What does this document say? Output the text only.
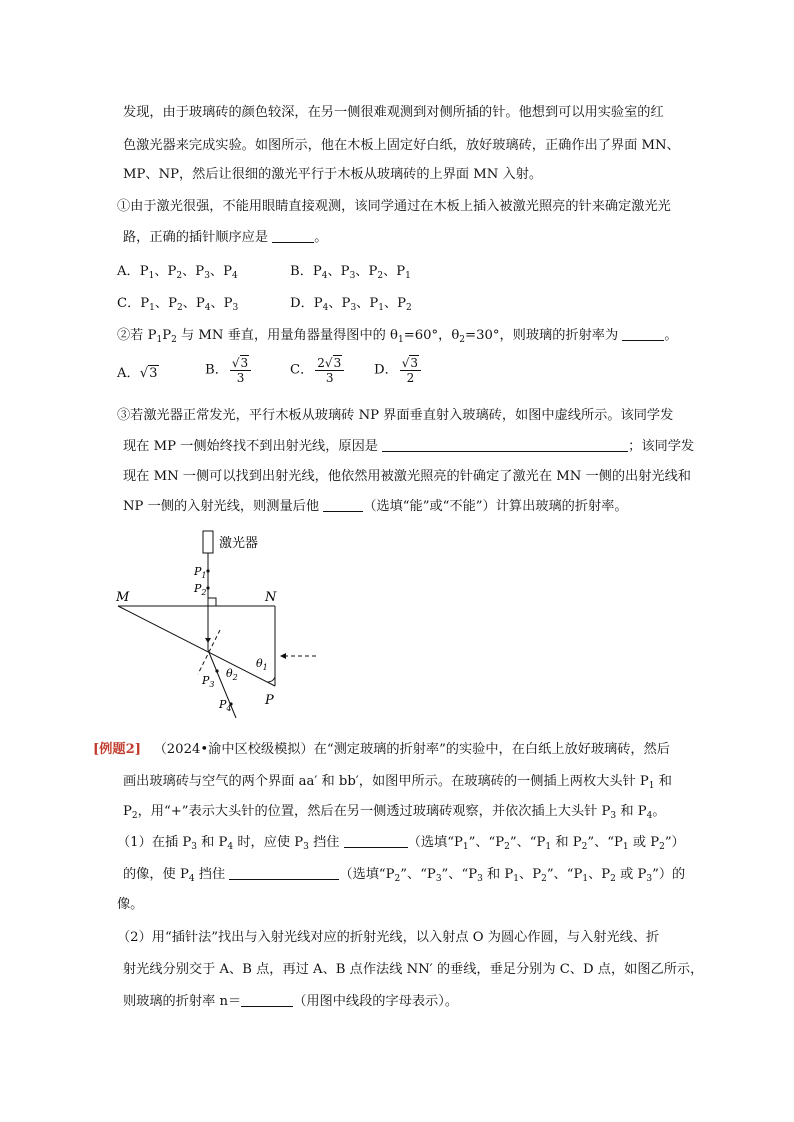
发现，由于玻璃砖的颜色较深，在另一侧很难观测到对侧所插的针。他想到可以用实验室的红
色激光器来完成实验。如图所示，他在木板上固定好白纸，放好玻璃砖，正确作出了界面 MN、
MP、NP，然后让很细的激光平行于木板从玻璃砖的上界面 MN 入射。
①由于激光很强，不能用眼睛直接观测，该同学通过在木板上插入被激光照亮的针来确定激光光
路，正确的插针顺序应是	。
A．$P_1$、$P_2$、$P_3$、$P_4$	B．$P_4$、$P_3$、$P_2$、$P_1$
C．$P_1$、$P_2$、$P_4$、$P_3$	D．$P_4$、$P_3$、$P_1$、$P_2$
②若 $P_1P_2$ 与 MN 垂直，用量角器量得图中的 $\theta_1=60^\circ$，$\theta_2=30^\circ$，则玻璃的折射率为	。
A．√3	B． $\frac{√3}{3}$	C． $\frac{2√3}{3}$ D． $\frac{√3}{2}$
③若激光器正常发光，平行木板从玻璃砖 NP 界面垂直射入玻璃砖，如图中虚线所示。该同学发
现在 MP 一侧始终找不到出射光线，原因是	；该同学发
现在 MN 一侧可以找到出射光线，他依然用被激光照亮的针确定了激光在 MN 一侧的出射光线和
NP 一侧的入射光线，则测量后他	（选填“能”或“不能”）计算出玻璃的折射率。
激光器
$P_1$
$P_2$
M	N
P
$P_3$
$P_4$
$\theta_2$
$\theta_1$
[例题2] （2024•渝中区校级模拟）在“测定玻璃的折射率”的实验中，在白纸上放好玻璃砖，然后
画出玻璃砖与空气的两个界面 aa′ 和 bb′，如图甲所示。在玻璃砖的一侧插上两枚大头针 $P_1$ 和
$P_2$，用“+”表示大头针的位置，然后在另一侧透过玻璃砖观察，并依次插上大头针 $P_3$ 和 $P_4$。
（1）在插 $P_3$ 和 $P_4$ 时，应使 $P_3$ 挡住	（选填“$P_1$”、“$P_2$”、“$P_1$ 和 $P_2$”、“$P_1$ 或 $P_2$”）
的像，使 $P_4$ 挡住	（选填“$P_2$”、“$P_3$”、“$P_3$ 和 $P_1$、$P_2$”、“$P_1$、$P_2$ 或 $P_3$”）的
像。
（2）用“插针法”找出与入射光线对应的折射光线，以入射点 O 为圆心作圆，与入射光线、折
射光线分别交于 A、B 点，再过 A、B 点作法线 NN′ 的垂线，垂足分别为 C、D 点，如图乙所示，
则玻璃的折射率 n＝	（用图中线段的字母表示）。
